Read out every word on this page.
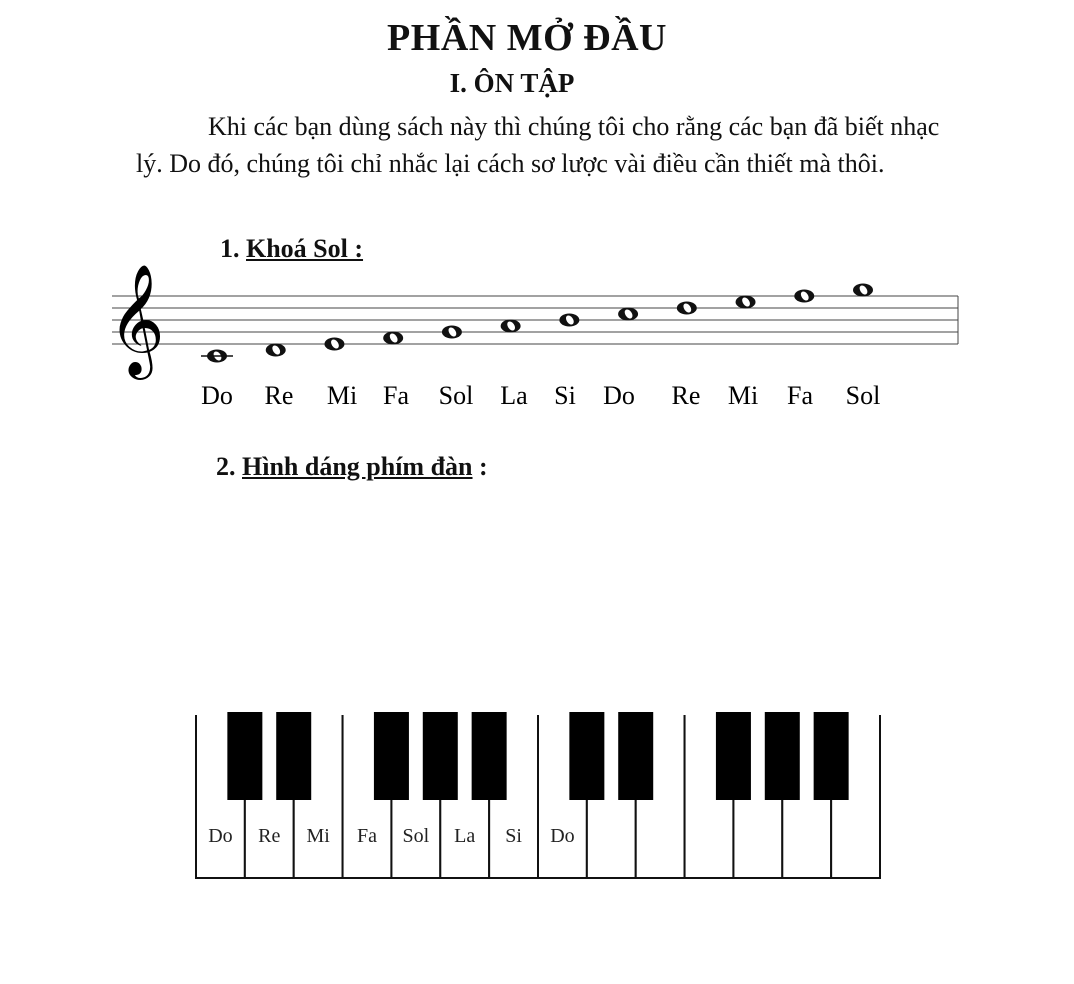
PHẦN MỞ ĐẦU
I. ÔN TẬP

Khi các bạn dùng sách này thì chúng tôi cho rằng các bạn đã biết nhạc lý. Do đó, chúng tôi chỉ nhắc lại cách sơ lược vài điều cần thiết mà thôi.

1. Khoá Sol :
𝄞
Do Re Mi Fa Sol La Si Do Re Mi Fa Sol
2. Hình dáng phím đàn :
Do Re Mi Fa Sol La Si Do
